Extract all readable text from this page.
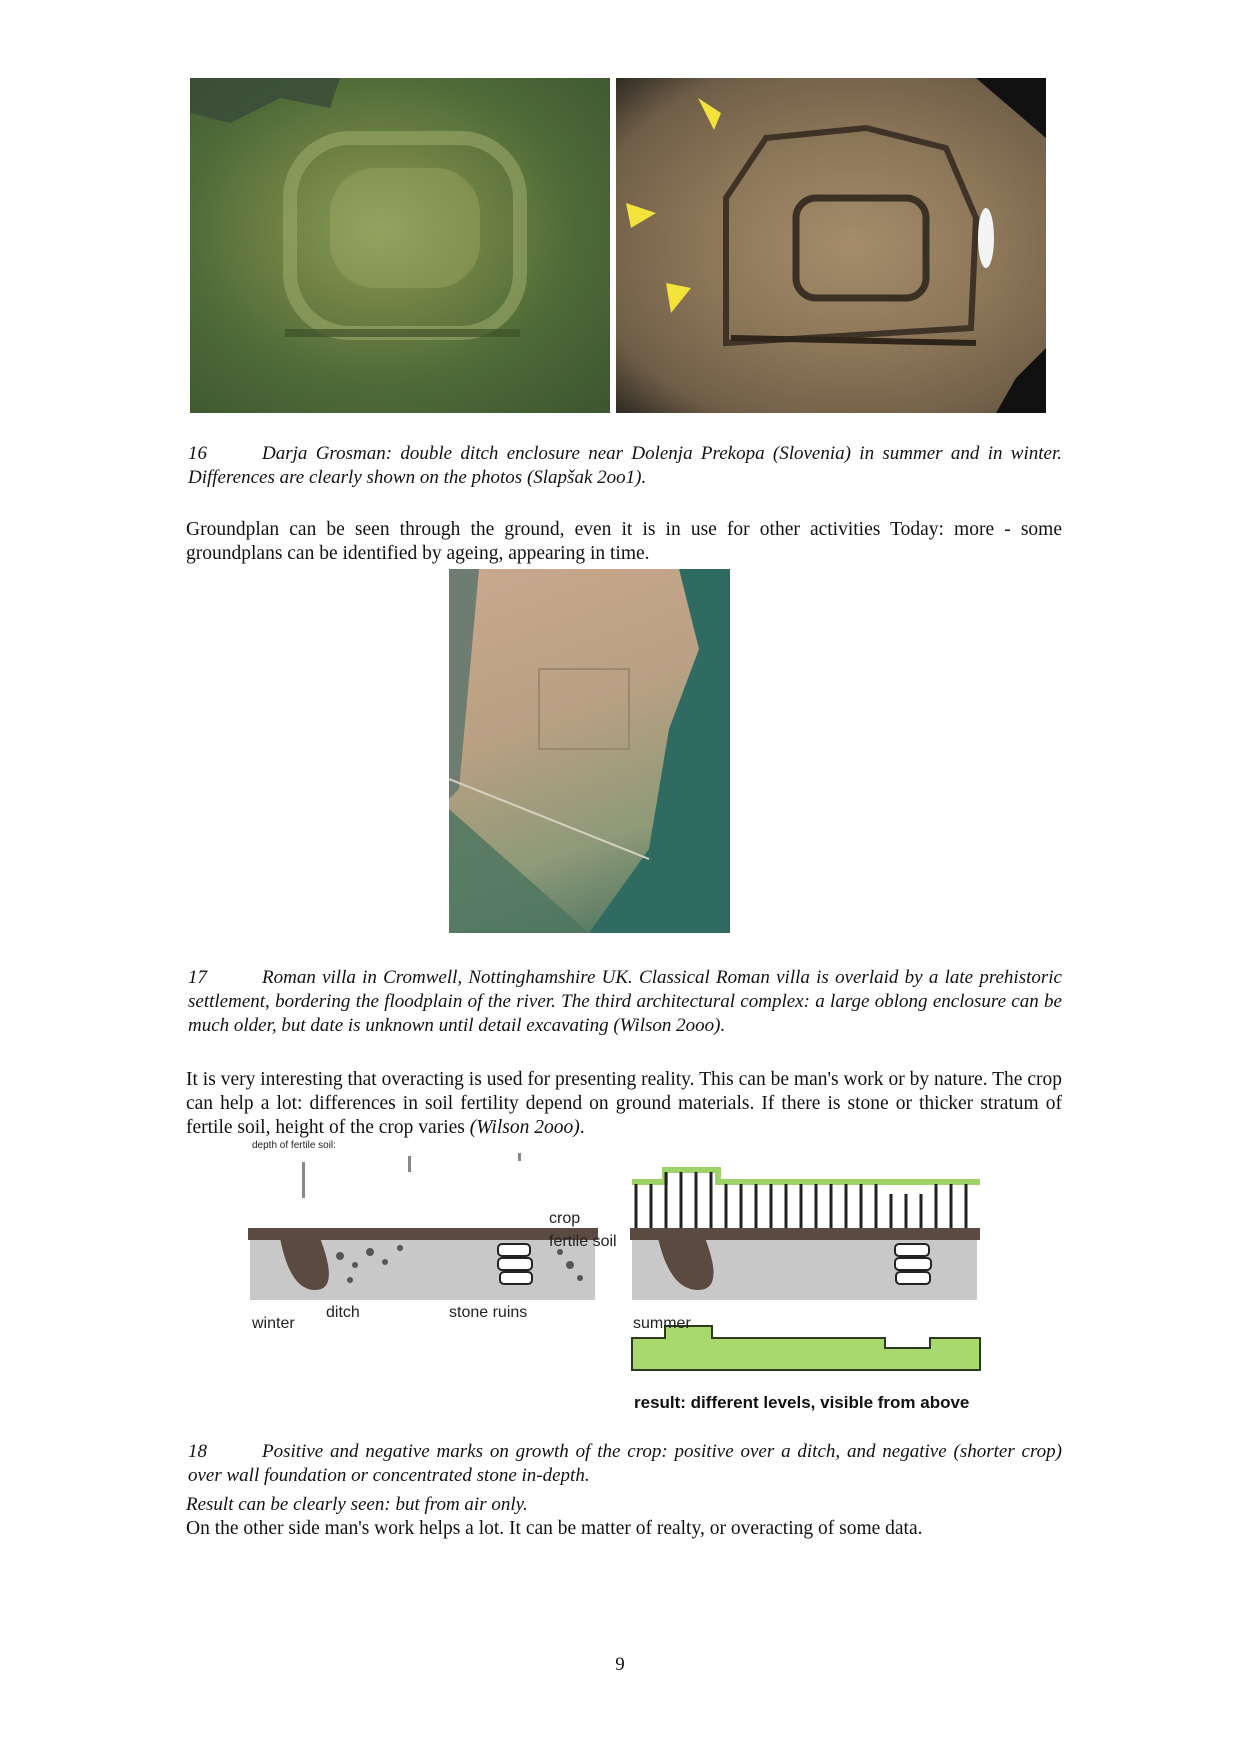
16	Darja Grosman: double ditch enclosure near Dolenja Prekopa (Slovenia) in summer and in winter. Differences are clearly shown on the photos (Slapšak 2oo1).
Groundplan can be seen through the ground, even it is in use for other activities Today: more - some groundplans can be identified by ageing, appearing in time.
17	Roman villa in Cromwell, Nottinghamshire UK. Classical Roman villa is overlaid by a late prehistoric settlement, bordering the floodplain of the river. The third architectural complex: a large oblong enclosure can be much older, but date is unknown until detail excavating (Wilson 2ooo).
It is very interesting that overacting is used for presenting reality. This can be man's work or by nature. The crop can help a lot: differences in soil fertility depend on ground materials. If there is stone or thicker stratum of fertile soil, height of the crop varies (Wilson 2ooo).
depth of fertile soil:
crop
fertile soil
winter
ditch	stone ruins
summer
result: different levels, visible from above
18	Positive and negative marks on growth of the crop: positive over a ditch, and negative (shorter crop) over wall foundation or concentrated stone in-depth.
Result can be clearly seen: but from air only.
On the other side man's work helps a lot. It can be matter of realty, or overacting of some data.
9
